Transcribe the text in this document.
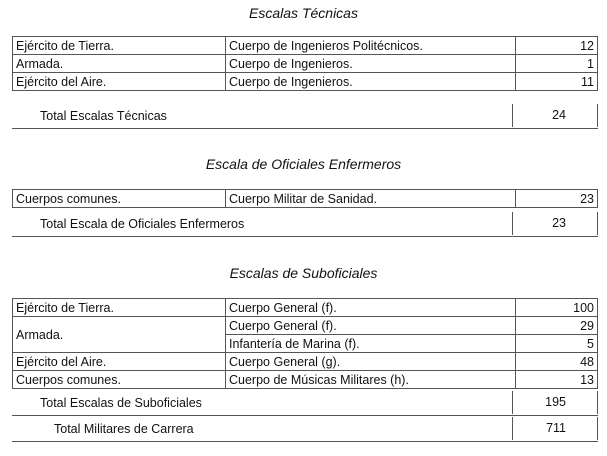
Escalas Técnicas
Ejército de Tierra.	Cuerpo de Ingenieros Politécnicos.	12
Armada.	Cuerpo de Ingenieros.	1
Ejército del Aire.	Cuerpo de Ingenieros.	11
Total Escalas Técnicas	24
Escala de Oficiales Enfermeros
Cuerpos comunes.	Cuerpo Militar de Sanidad.	23
Total Escala de Oficiales Enfermeros	23
Escalas de Suboficiales
Ejército de Tierra.	Cuerpo General (f).	100
Armada.	Cuerpo General (f).	29
	Infantería de Marina (f).	5
Ejército del Aire.	Cuerpo General (g).	48
Cuerpos comunes.	Cuerpo de Músicas Militares (h).	13
Total Escalas de Suboficiales	195
Total Militares de Carrera	711
